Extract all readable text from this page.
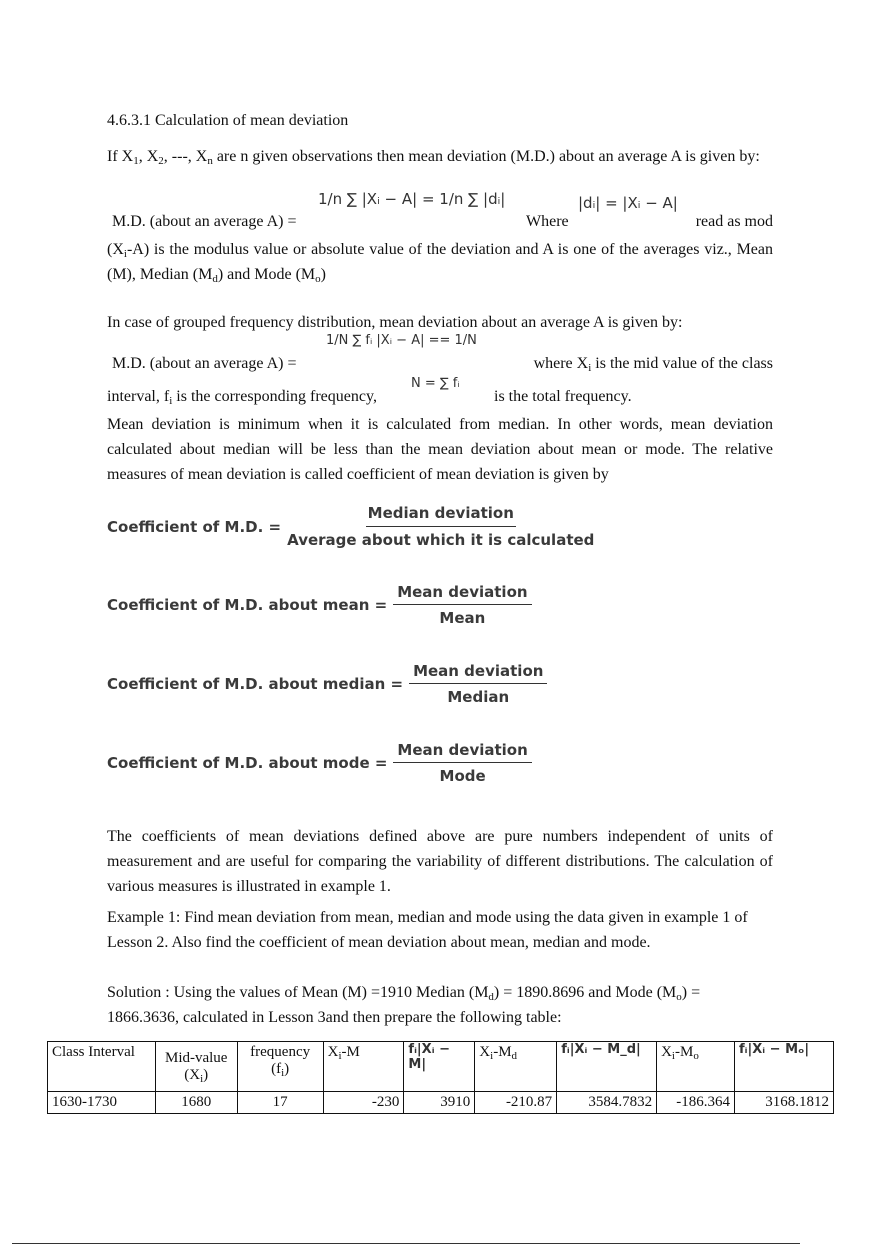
4.6.3.1 Calculation of mean deviation
If $X_1$, $X_2$, ---, $X_n$ are n given observations then mean deviation (M.D.) about an average A is given by:
1/n ∑ |Xᵢ − A| = 1/n ∑ |dᵢ|	|dᵢ| = |Xᵢ − A|
M.D. (about an average A) =	Where	read as mod
$(X_i-A)$ is the modulus value or absolute value of the deviation and A is one of the averages viz., Mean (M), Median $(M_d)$ and Mode $(M_o)$
In case of grouped frequency distribution, mean deviation about an average A is given by:
1/N ∑ fᵢ |Xᵢ − A| == 1/N
M.D. (about an average A) =	where $X_i$ is the mid value of the class
N = ∑ fᵢ
interval, $f_i$ is the corresponding frequency,	is the total frequency.
Mean deviation is minimum when it is calculated from median. In other words, mean deviation calculated about median will be less than the mean deviation about mean or mode. The relative measures of mean deviation is called coefficient of mean deviation is given by
Coefficient of M.D. = $\frac{\text{Median deviation}}{\text{Average about which it is calculated}}$
Coefficient of M.D. about mean = $\frac{\text{Mean deviation}}{\text{Mean}}$
Coefficient of M.D. about median = $\frac{\text{Mean deviation}}{\text{Median}}$
Coefficient of M.D. about mode = $\frac{\text{Mean deviation}}{\text{Mode}}$
The coefficients of mean deviations defined above are pure numbers independent of units of measurement and are useful for comparing the variability of different distributions. The calculation of various measures is illustrated in example 1.
Example 1: Find mean deviation from mean, median and mode using the data given in example 1 of Lesson 2. Also find the coefficient of mean deviation about mean, median and mode.
Solution : Using the values of Mean (M) =1910 Median $(M_d) = 1890.8696$ and Mode $(M_o) = 1866.3636$, calculated in Lesson 3and then prepare the following table:
Class Interval	Mid-value $(X_i)$	frequency $(f_i)$	$X_i-M$	fᵢ|Xᵢ − M|	$X_i-M_d$	fᵢ|Xᵢ − M_d|	$X_i-M_o$	fᵢ|Xᵢ − Mₒ|
1630-1730	1680	17	-230	3910	-210.87	3584.7832	-186.364	3168.1812
